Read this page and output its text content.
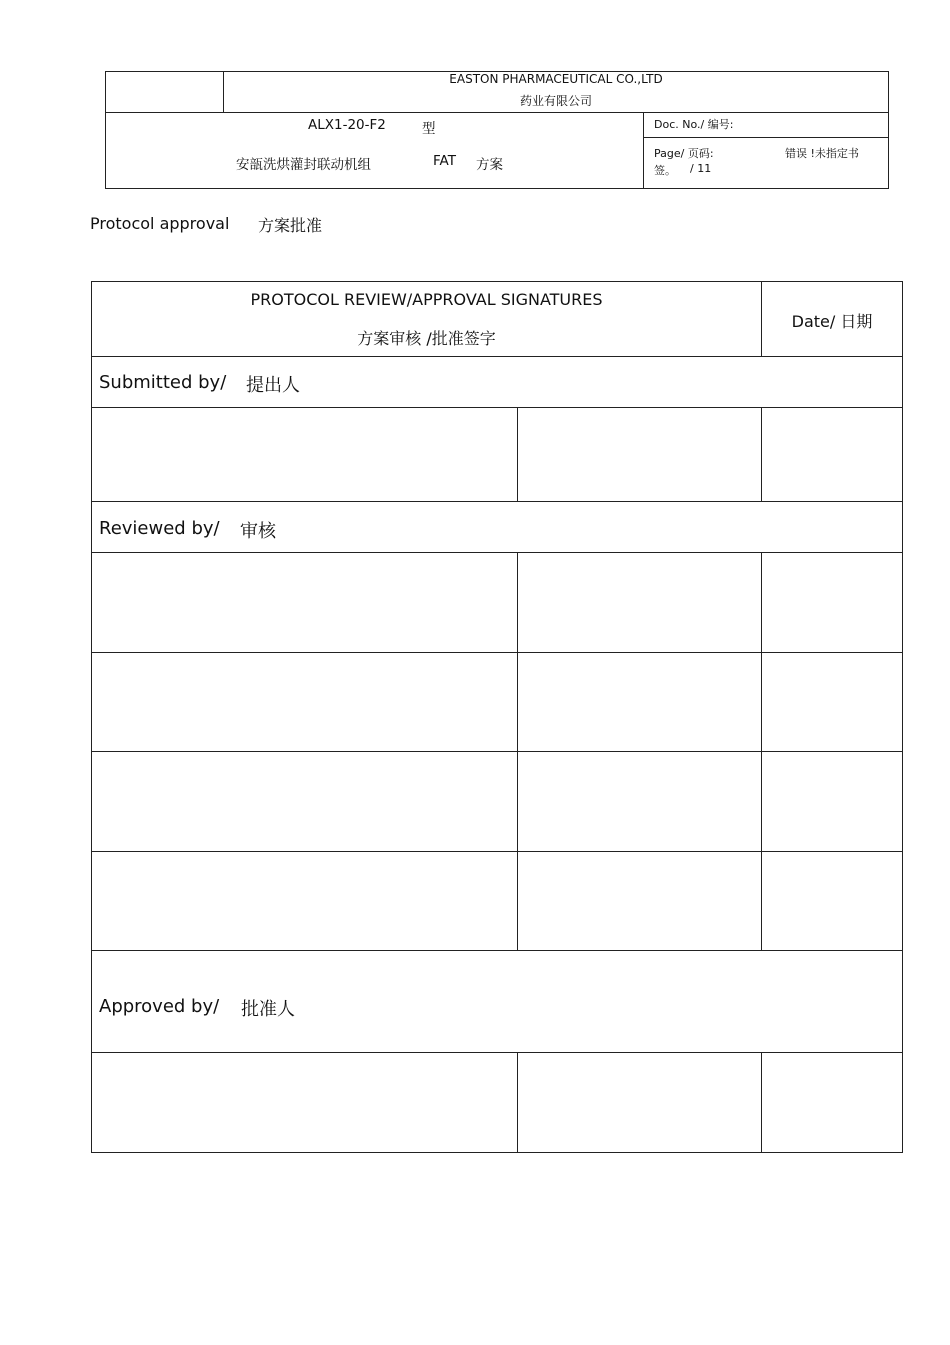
EASTON PHARMACEUTICAL CO.,LTD
药业有限公司
ALX1-20-F2	型
安瓿洗烘灌封联动机组	FAT 方案
Doc. No./ 编号:
Page/ 页码:	错误 !未指定书
签。 / 11
Protocol approval 方案批准
PROTOCOL REVIEW/APPROVAL SIGNATURES
方案审核 /批准签字
Date/ 日期
Submitted by/ 提出人
Reviewed by/ 审核
Approved by/ 批准人
